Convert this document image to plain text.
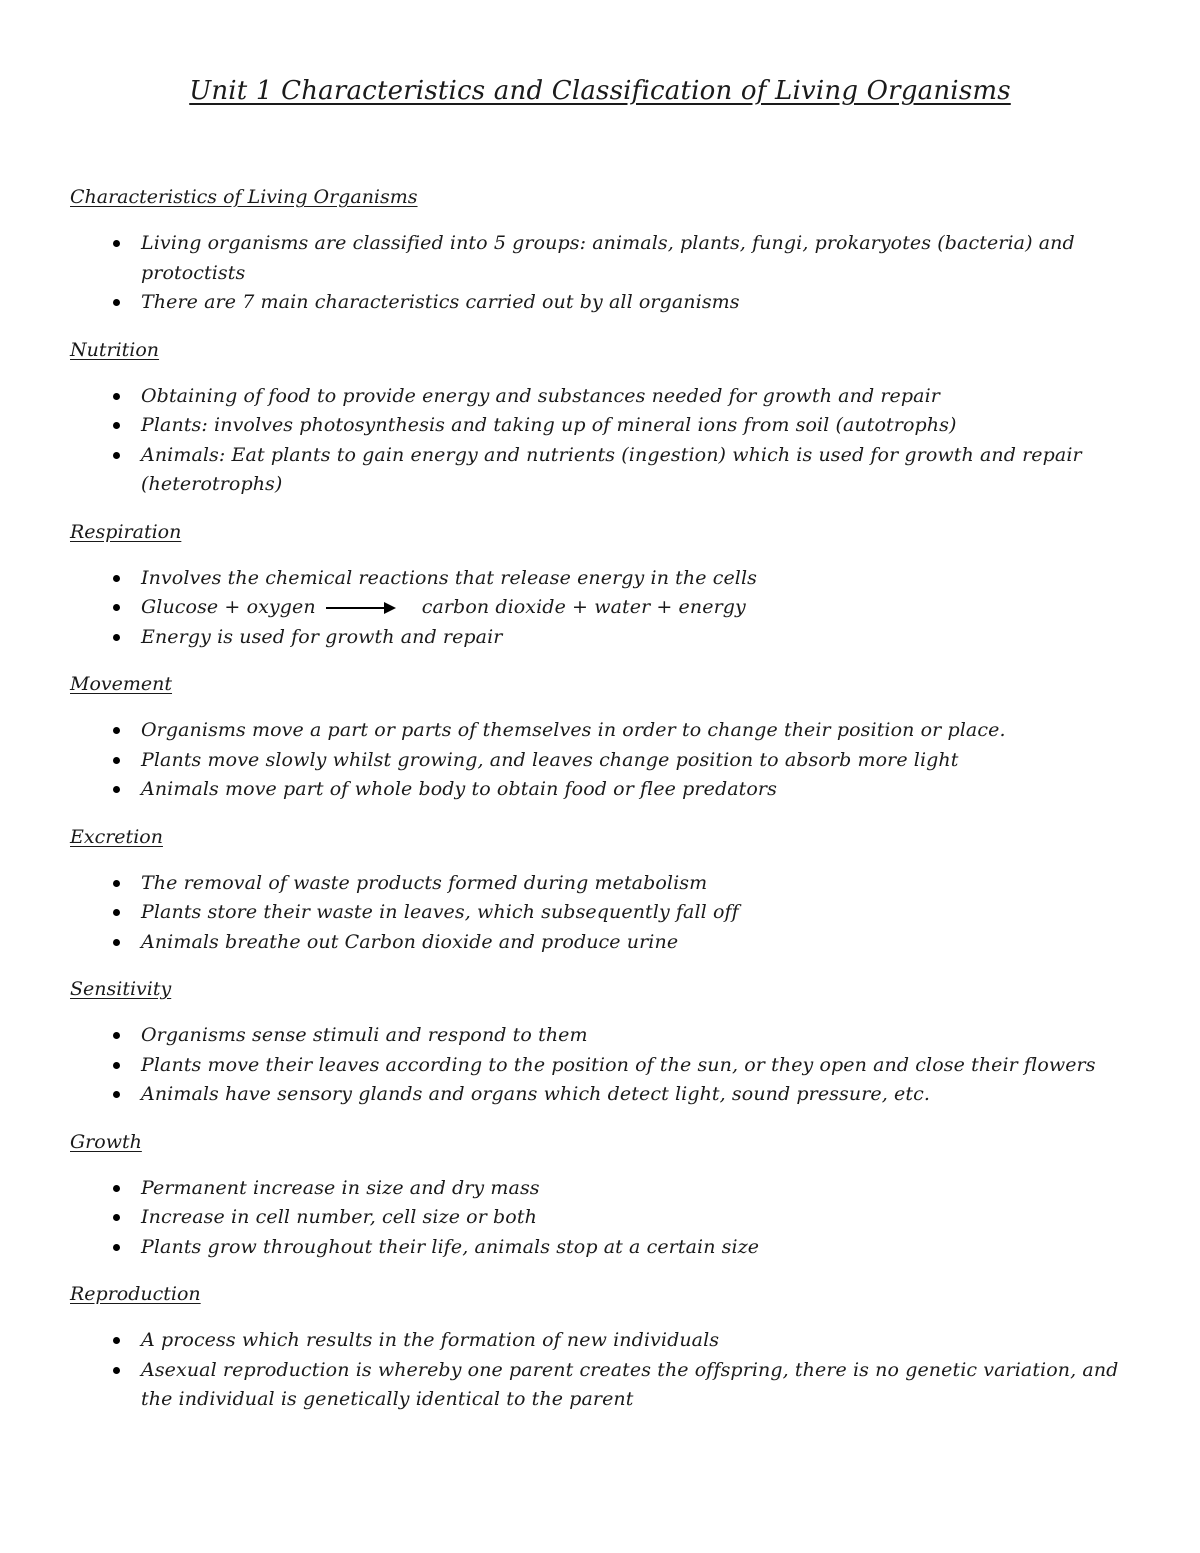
Unit 1 Characteristics and Classification of Living Organisms
Characteristics of Living Organisms
Living organisms are classified into 5 groups: animals, plants, fungi, prokaryotes (bacteria) and protoctists
There are 7 main characteristics carried out by all organisms
Nutrition
Obtaining of food to provide energy and substances needed for growth and repair
Plants: involves photosynthesis and taking up of mineral ions from soil (autotrophs)
Animals: Eat plants to gain energy and nutrients (ingestion) which is used for growth and repair (heterotrophs)
Respiration
Involves the chemical reactions that release energy in the cells
Glucose + oxygen	carbon dioxide + water + energy
Energy is used for growth and repair
Movement
Organisms move a part or parts of themselves in order to change their position or place.
Plants move slowly whilst growing, and leaves change position to absorb more light
Animals move part of whole body to obtain food or flee predators
Excretion
The removal of waste products formed during metabolism
Plants store their waste in leaves, which subsequently fall off
Animals breathe out Carbon dioxide and produce urine
Sensitivity
Organisms sense stimuli and respond to them
Plants move their leaves according to the position of the sun, or they open and close their flowers
Animals have sensory glands and organs which detect light, sound pressure, etc.
Growth
Permanent increase in size and dry mass
Increase in cell number, cell size or both
Plants grow throughout their life, animals stop at a certain size
Reproduction
A process which results in the formation of new individuals
Asexual reproduction is whereby one parent creates the offspring, there is no genetic variation, and the individual is genetically identical to the parent
